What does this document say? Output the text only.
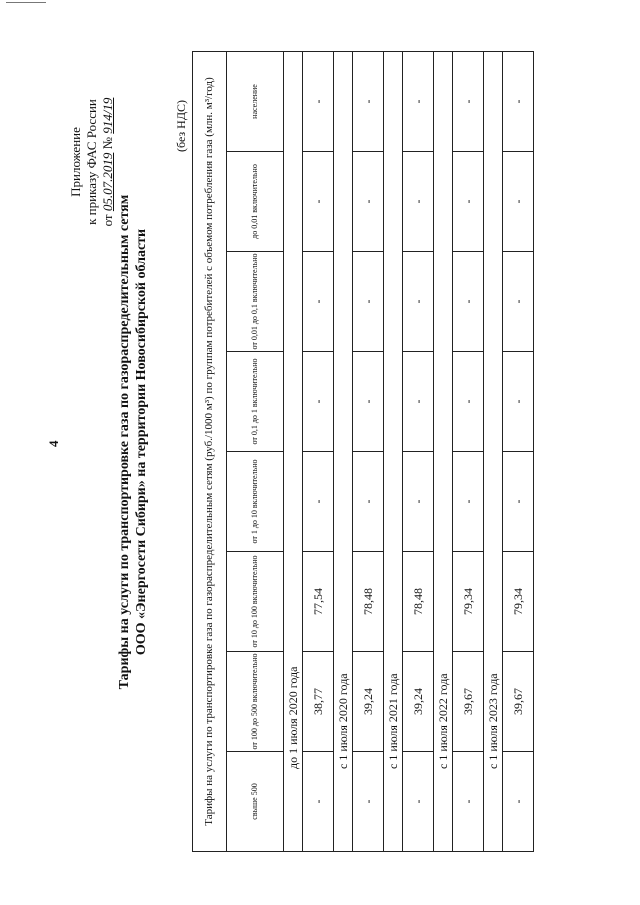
4
Приложение к приказу ФАС России от 05.07.2019 № 914/19
Тарифы на услуги по транспортировке газа по газораспределительным сетям ООО «Энергосети Сибири» на территории Новосибирской области
(без НДС) Тарифы на услуги по транспортировке газа по газораспределительным сетям (руб./1000 м³) по группам потребителей с объемом потребления газа (млн. м³/год)							
свыше 500	от 100 до 500 включительно	от 10 до 100 включительно	от 1 до 10 включительно	от 0,1 до 1 включительно	от 0,01 до 0,1 включительно	до 0,01 включительно	население
до 1 июля 2020 года							
-	38,77	77,54	-	-	-	-	-
с 1 июля 2020 года							
-	39,24	78,48	-	-	-	-	-
с 1 июля 2021 года							
-	39,24	78,48	-	-	-	-	-
с 1 июля 2022 года							
-	39,67	79,34	-	-	-	-	-
с 1 июля 2023 года							
-	39,67	79,34	-	-	-	-	-
